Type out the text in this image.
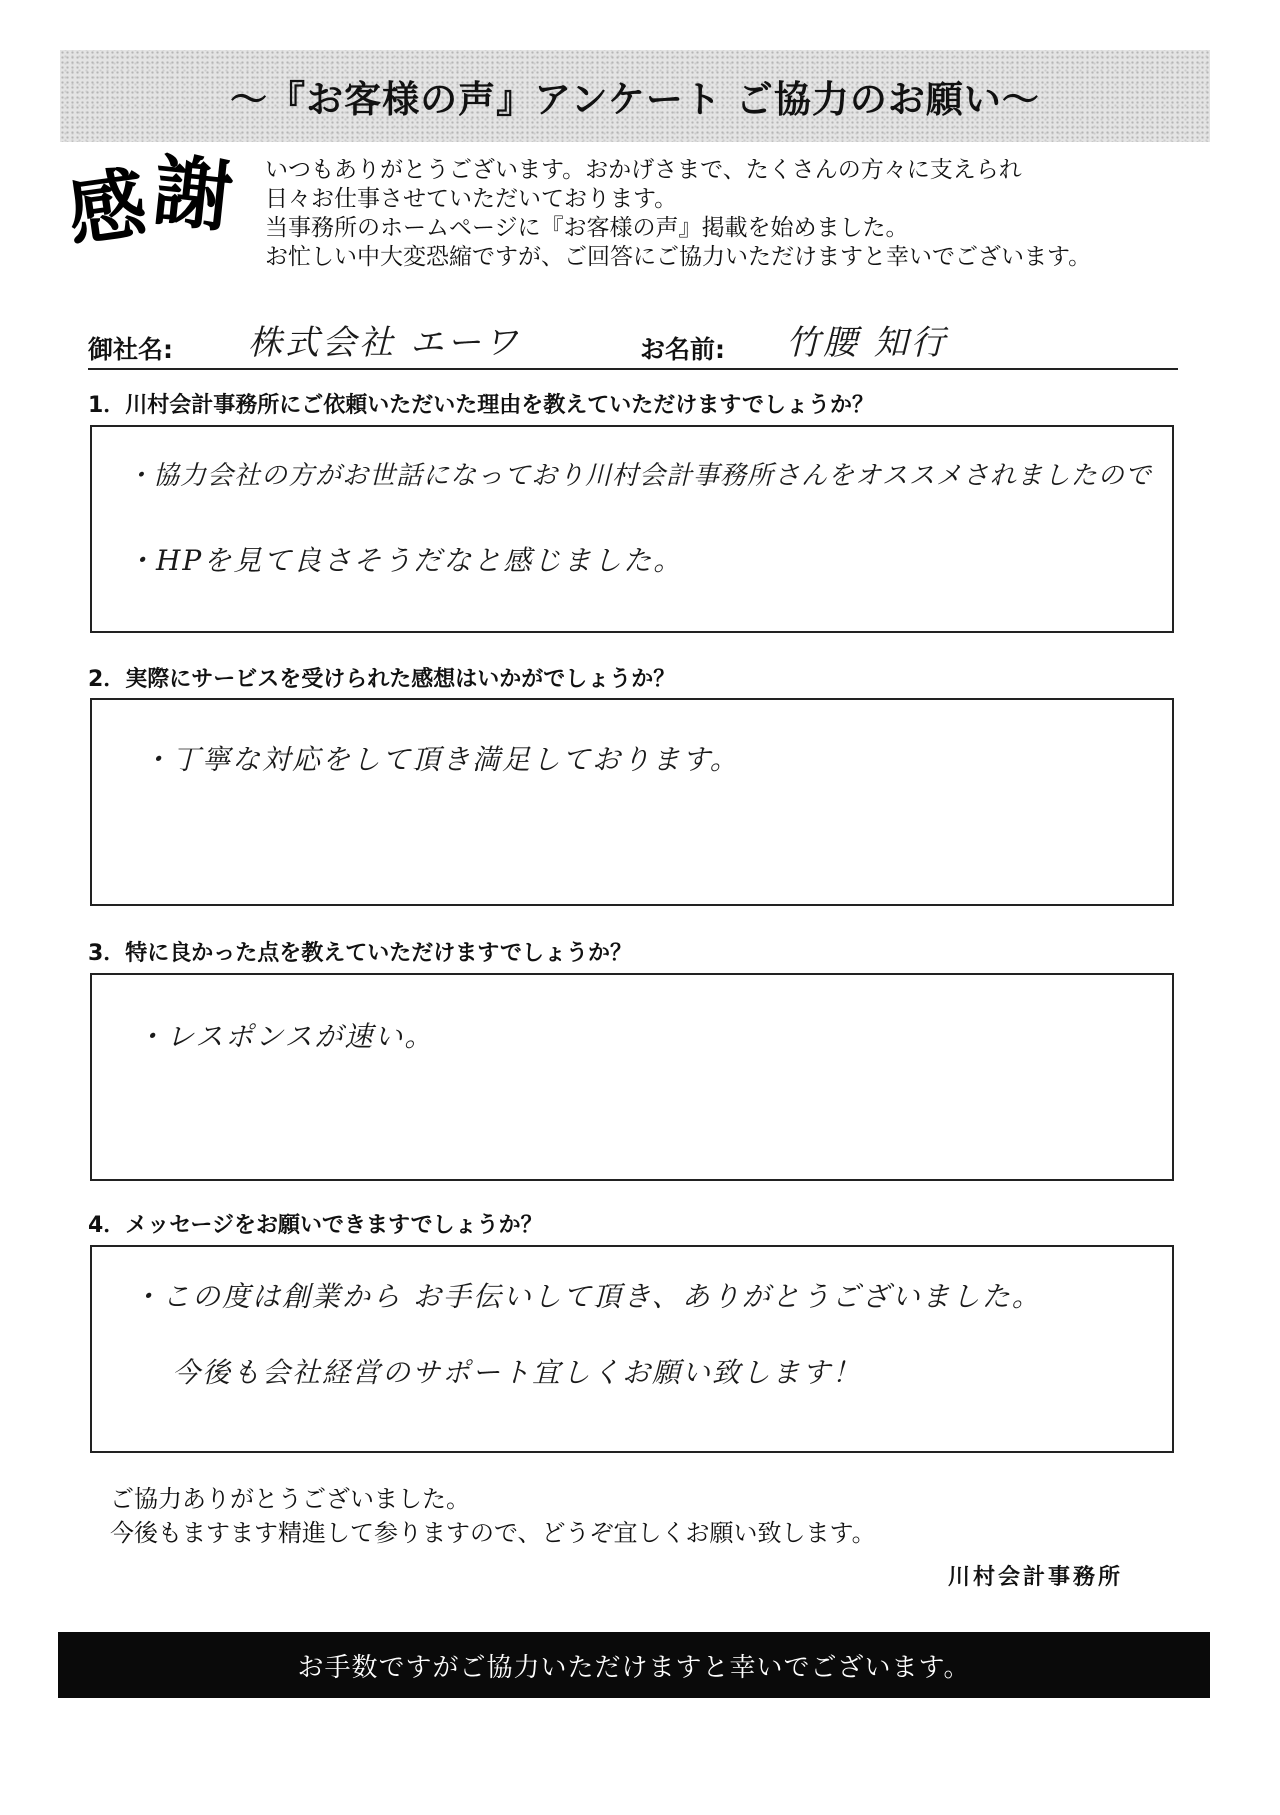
〜『お客様の声』アンケート ご協力のお願い〜
感
謝 いつもありがとうございます。おかげさまで、たくさんの方々に支えられ
日々お仕事させていただいております。
当事務所のホームページに『お客様の声』掲載を始めました。
お忙しい中大変恐縮ですが、ご回答にご協力いただけますと幸いでございます。
御社名: 株式会社 エーワ	お名前: 竹腰 知行
1．川村会計事務所にご依頼いただいた理由を教えていただけますでしょうか？
・協力会社の方がお世話になっており川村会計事務所さんをオススメされましたので
・HPを見て良さそうだなと感じました。
2．実際にサービスを受けられた感想はいかがでしょうか？
・丁寧な対応をして頂き満足しております。
3．特に良かった点を教えていただけますでしょうか？
・レスポンスが速い。
4．メッセージをお願いできますでしょうか？
・この度は創業から お手伝いして頂き、ありがとうございました。
今後も会社経営のサポート宜しくお願い致します！
ご協力ありがとうございました。
今後もますます精進して参りますので、どうぞ宜しくお願い致します。
川村会計事務所
お手数ですがご協力いただけますと幸いでございます。
